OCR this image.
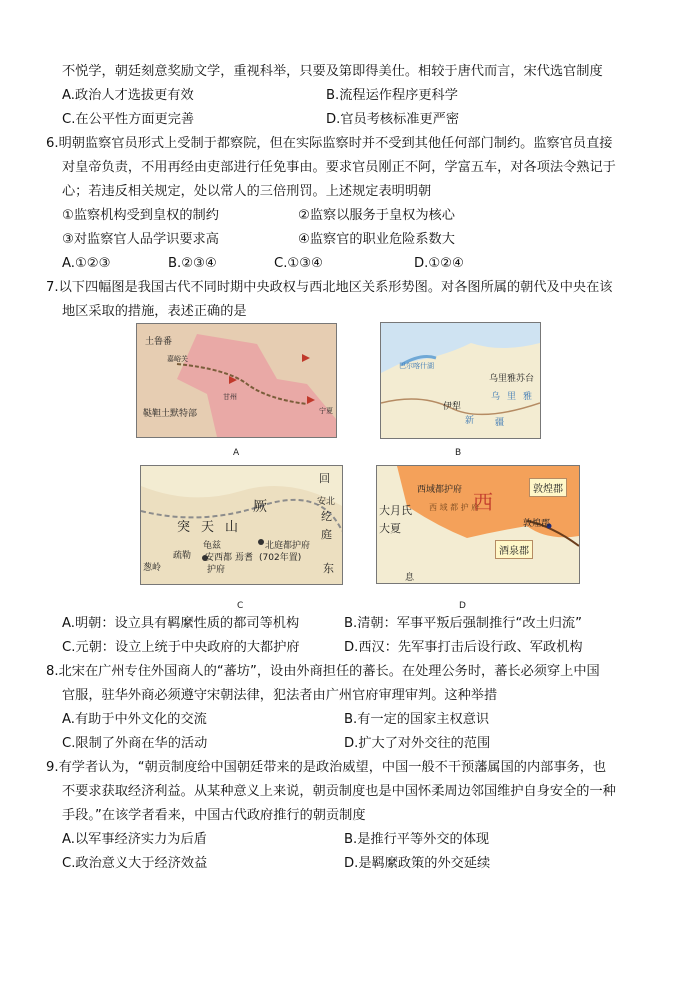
不悦学，朝廷刻意奖励文学，重视科举，只要及第即得美仕。相较于唐代而言，宋代选官制度
A.政治人才选拔更有效	B.流程运作程序更科学
C.在公平性方面更完善	D.官员考核标准更严密
6.明朝监察官员形式上受制于都察院，但在实际监察时并不受到其他任何部门制约。监察官员直接
对皇帝负责，不用再经由吏部进行任免事由。要求官员刚正不阿，学富五车，对各项法令熟记于
心；若违反相关规定，处以常人的三倍刑罚。上述规定表明明朝
①监察机构受到皇权的制约	②监察以服务于皇权为核心
③对监察官人品学识要求高	④监察官的职业危险系数大
A.①②③	B.②③④	C.①③④	D.①②④
7.以下四幅图是我国古代不同时期中央政权与西北地区关系形势图。对各图所属的朝代及中央在该
地区采取的措施，表述正确的是
土鲁番
嘉峪关
甘州
鞑靼土默特部	宁夏
A
巴尔喀什湖
乌里雅苏台
乌 里 雅
伊犁
新 疆
B
回
安北
纥
厥
突 天 山
北庭都护府
龟兹
安西都
护府
疏勒	焉耆 (702年置)
葱岭
庭
东
C
西域都护府 西
西 域 都 护 府
大月氏
大夏
敦煌郡
敦煌郡
酒泉郡
息
D
A.明朝：设立具有羁縻性质的都司等机构	B.清朝：军事平叛后强制推行“改土归流”
C.元朝：设立上统于中央政府的大都护府	D.西汉：先军事打击后设行政、军政机构
8.北宋在广州专住外国商人的“蕃坊”，设由外商担任的蕃长。在处理公务时，蕃长必须穿上中国
官服，驻华外商必须遵守宋朝法律，犯法者由广州官府审理审判。这种举措
A.有助于中外文化的交流	B.有一定的国家主权意识
C.限制了外商在华的活动	D.扩大了对外交往的范围
9.有学者认为，“朝贡制度给中国朝廷带来的是政治威望，中国一般不干预藩属国的内部事务，也
不要求获取经济利益。从某种意义上来说，朝贡制度也是中国怀柔周边邻国维护自身安全的一种
手段。”在该学者看来，中国古代政府推行的朝贡制度
A.以军事经济实力为后盾	B.是推行平等外交的体现
C.政治意义大于经济效益	D.是羁縻政策的外交延续
